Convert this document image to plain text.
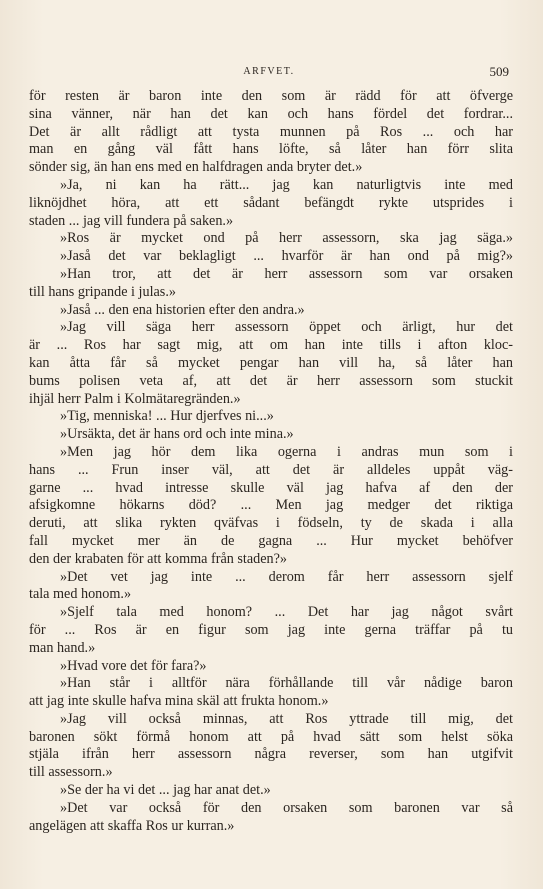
ARFVET.	509
för resten är baron inte den som är rädd för att öfverge
sina vänner, när han det kan och hans fördel det fordrar...
Det är allt rådligt att tysta munnen på Ros ... och har
man en gång väl fått hans löfte, så låter han förr slita
sönder sig, än han ens med en halfdragen anda bryter det.»
»Ja, ni kan ha rätt... jag kan naturligtvis inte med
liknöjdhet höra, att ett sådant befängdt rykte utsprides i
staden ... jag vill fundera på saken.»
»Ros är mycket ond på herr assessorn, ska jag säga.»
»Jaså det var beklagligt ... hvarför är han ond på mig?»
»Han tror, att det är herr assessorn som var orsaken
till hans gripande i julas.»
»Jaså ... den ena historien efter den andra.»
»Jag vill säga herr assessorn öppet och ärligt, hur det
är ... Ros har sagt mig, att om han inte tills i afton kloc-
kan åtta får så mycket pengar han vill ha, så låter han
bums polisen veta af, att det är herr assessorn som stuckit
ihjäl herr Palm i Kolmätaregränden.»
»Tig, menniska! ... Hur djerfves ni...»
»Ursäkta, det är hans ord och inte mina.»
»Men jag hör dem lika ogerna i andras mun som i
hans ... Frun inser väl, att det är alldeles uppåt väg-
garne ... hvad intresse skulle väl jag hafva af den der
afsigkomne hökarns död? ... Men jag medger det riktiga
deruti, att slika rykten qväfvas i födseln, ty de skada i alla
fall mycket mer än de gagna ... Hur mycket behöfver
den der krabaten för att komma från staden?»
»Det vet jag inte ... derom får herr assessorn sjelf
tala med honom.»
»Sjelf tala med honom? ... Det har jag något svårt
för ... Ros är en figur som jag inte gerna träffar på tu
man hand.»
»Hvad vore det för fara?»
»Han står i alltför nära förhållande till vår nådige baron
att jag inte skulle hafva mina skäl att frukta honom.»
»Jag vill också minnas, att Ros yttrade till mig, det
baronen sökt förmå honom att på hvad sätt som helst söka
stjäla ifrån herr assessorn några reverser, som han utgifvit
till assessorn.»
»Se der ha vi det ... jag har anat det.»
»Det var också för den orsaken som baronen var så
angelägen att skaffa Ros ur kurran.»
